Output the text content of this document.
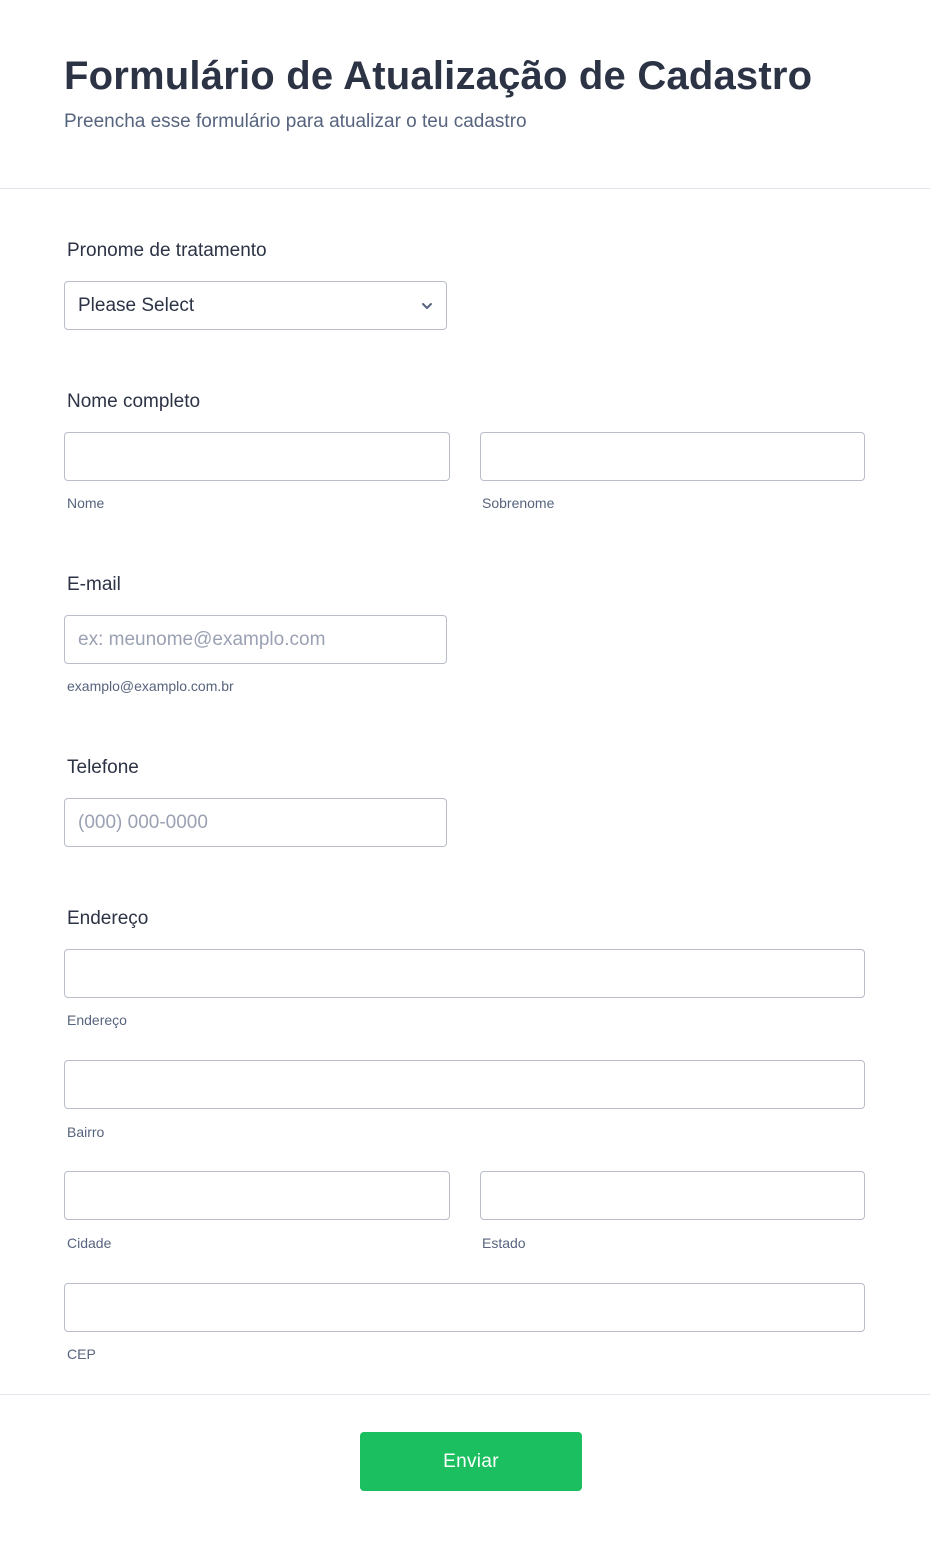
Formulário de Atualização de Cadastro
Preencha esse formulário para atualizar o teu cadastro
Pronome de tratamento
Please Select
Nome completo
Nome	Sobrenome
E-mail
ex: meunome@examplo.com
examplo@examplo.com.br
Telefone
(000) 000-0000
Endereço
Endereço
Bairro
Cidade	Estado
CEP
Enviar
